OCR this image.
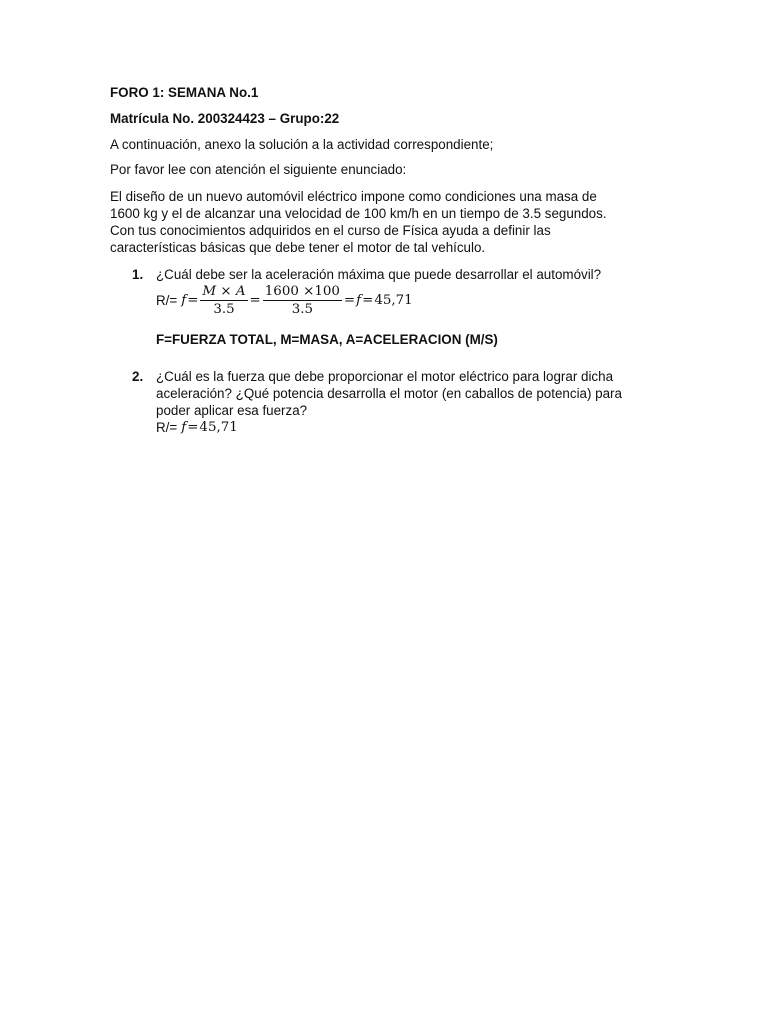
FORO 1: SEMANA No.1
Matrícula No. 200324423 – Grupo:22
A continuación, anexo la solución a la actividad correspondiente;
Por favor lee con atención el siguiente enunciado:
El diseño de un nuevo automóvil eléctrico impone como condiciones una masa de
1600 kg y el de alcanzar una velocidad de 100 km/h en un tiempo de 3.5 segundos.
Con tus conocimientos adquiridos en el curso de Física ayuda a definir las
características básicas que debe tener el motor de tal vehículo.
1. ¿Cuál debe ser la aceleración máxima que puede desarrollar el automóvil?
$R/= f = \frac{M \times A}{3.5} = \frac{1600 \times 100}{3.5} = f = 45,71$
F=FUERZA TOTAL, M=MASA, A=ACELERACION (M/S)
2. ¿Cuál es la fuerza que debe proporcionar el motor eléctrico para lograr dicha
aceleración? ¿Qué potencia desarrolla el motor (en caballos de potencia) para
poder aplicar esa fuerza?
R/= f=45,71
